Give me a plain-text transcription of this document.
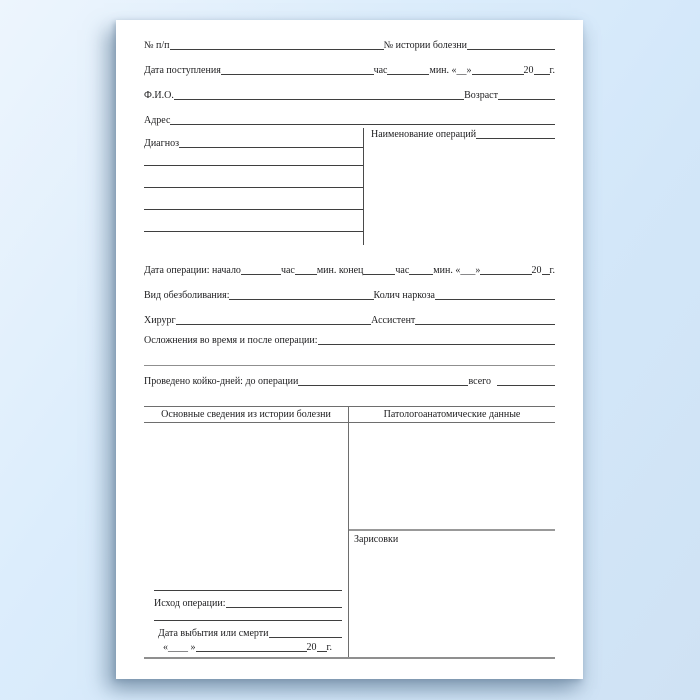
№ п/п	№ истории болезни
Дата поступления	час	мин. «__»	20 г.
Ф.И.О.	Возраст
Адрес
Диагноз
Наименование операций
Дата операции: начало	час мин. конец	час мин. «___»	20 г.
Вид обезболивания:	Колич наркоза
Хирург	Ассистент
Осложнения во время и после операции:
Проведено койко-дней: до операции	всего
Основные сведения из истории болезни	Патологоанатомические данные
Исход операции:
Дата выбытия или смерти
«____ »	20 г.
Зарисовки
